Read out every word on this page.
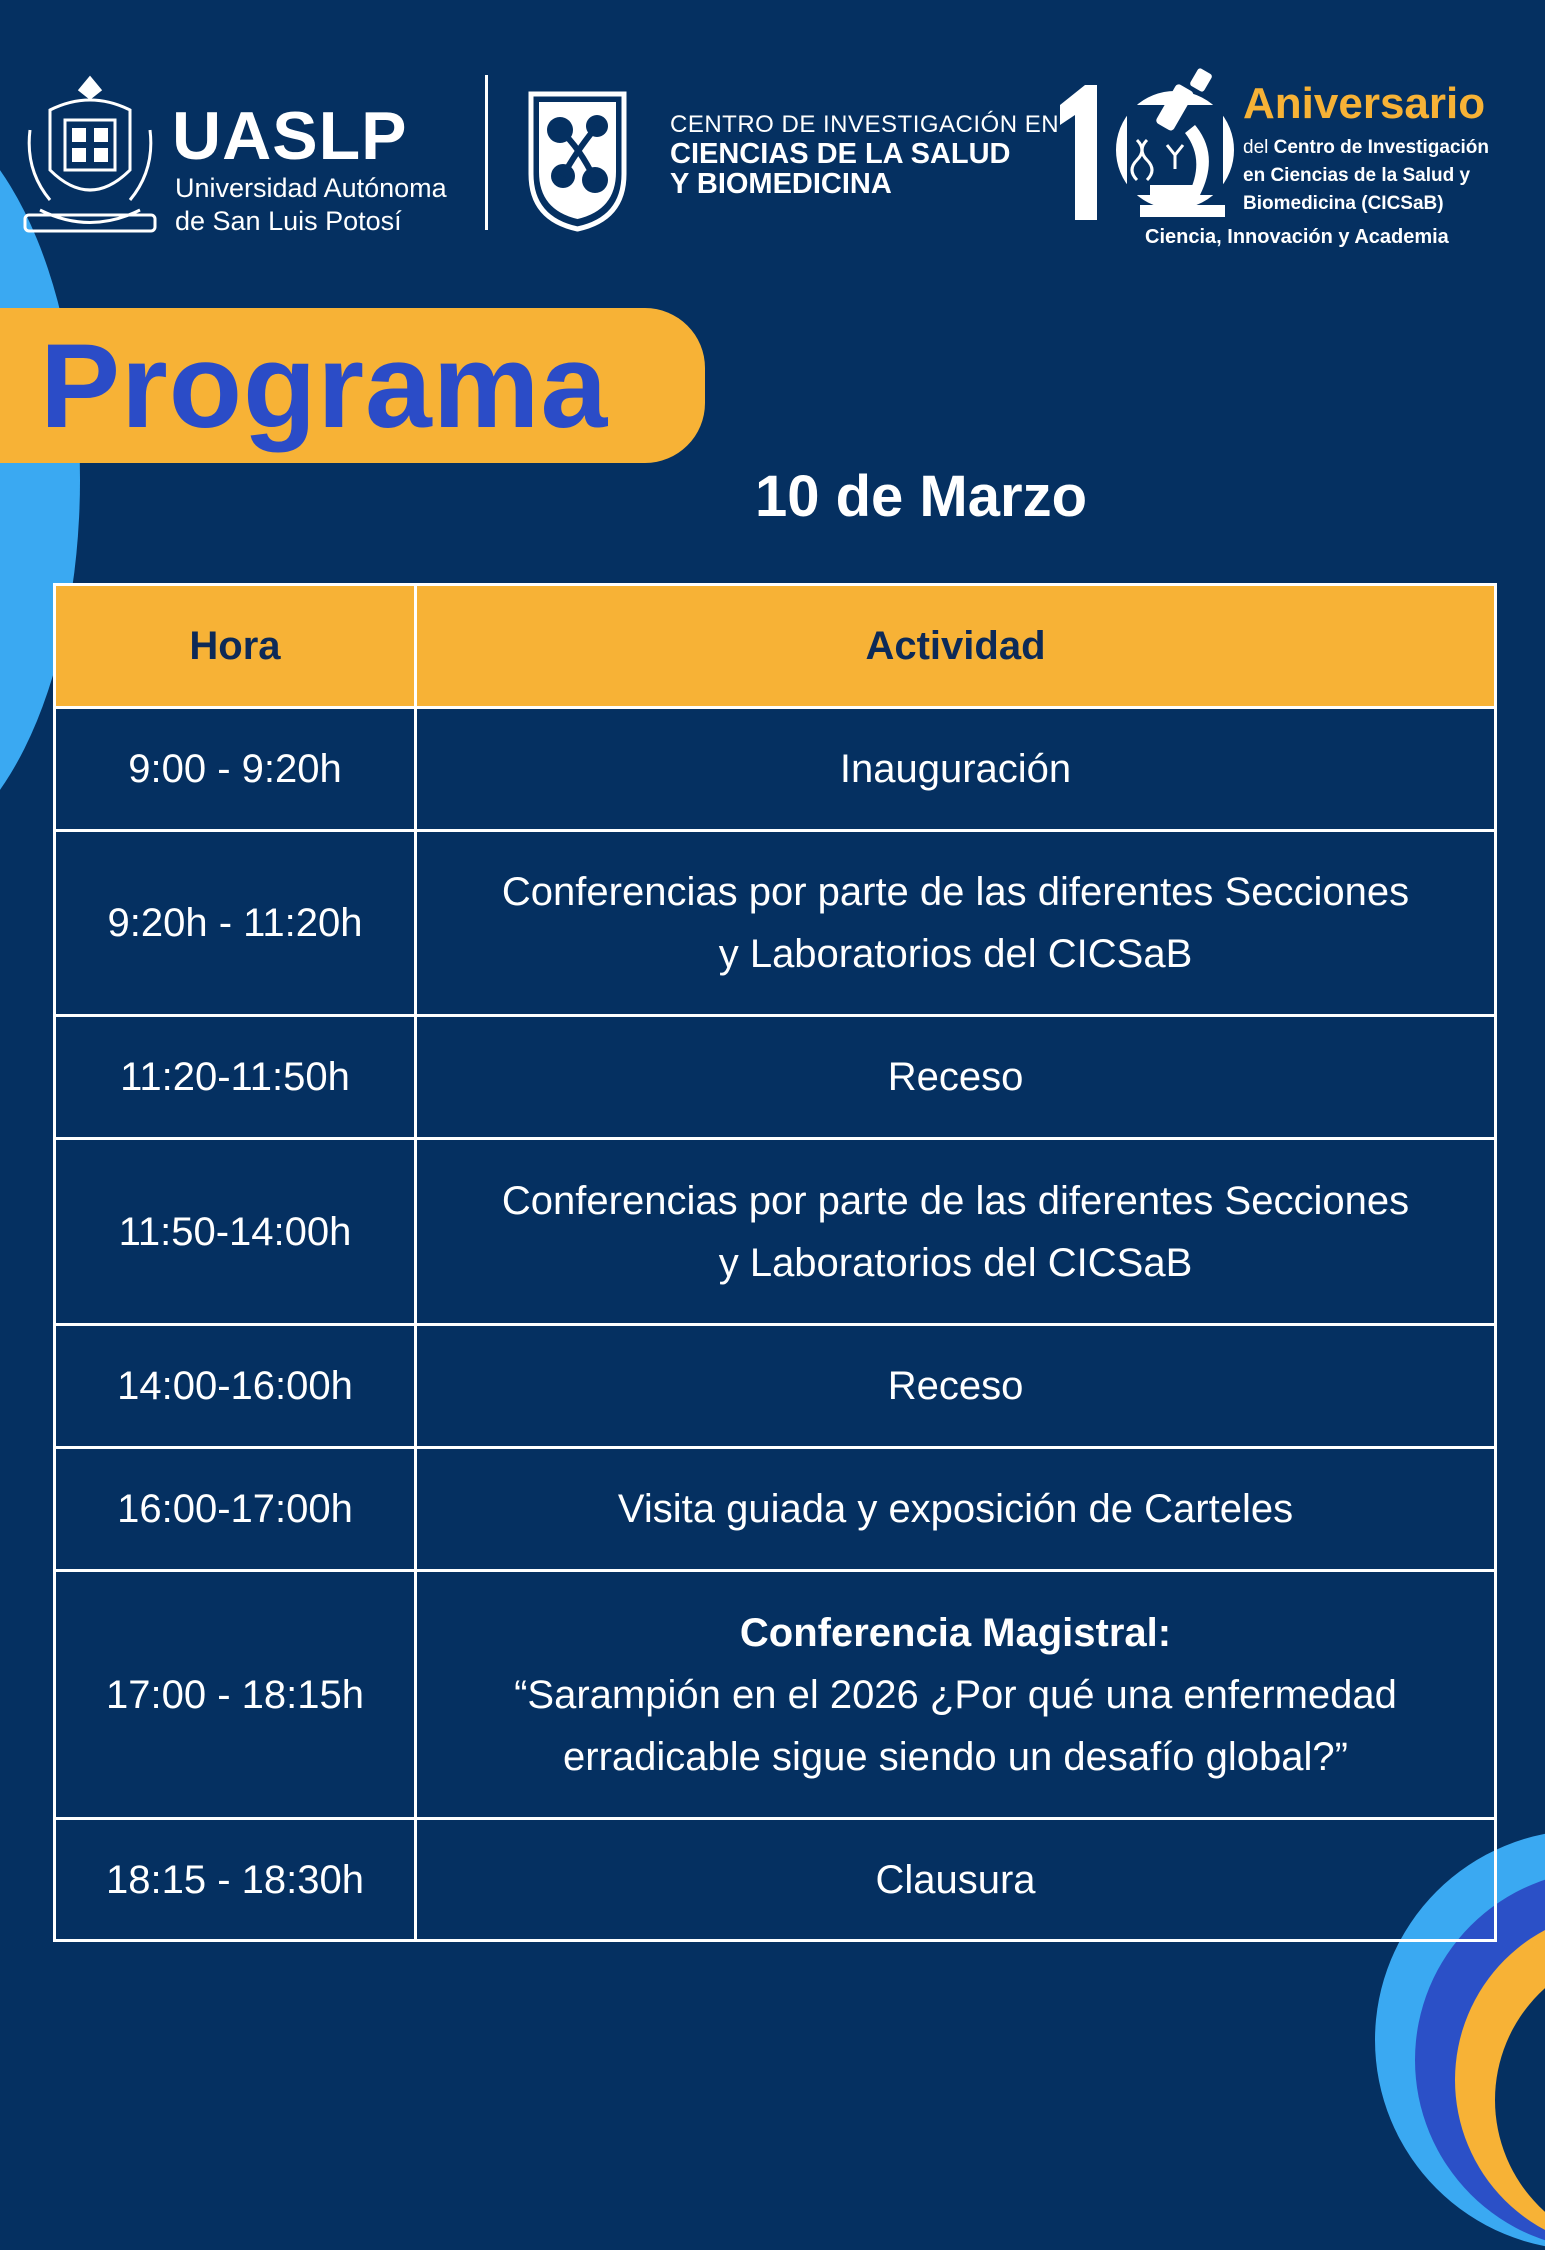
UASLP
Universidad Autónoma
de San Luis Potosí
CENTRO DE INVESTIGACIÓN EN
CIENCIAS DE LA SALUD
Y BIOMEDICINA
Aniversario
del Centro de Investigación
en Ciencias de la Salud y
Biomedicina (CICSaB)
Ciencia, Innovación y Academia
Programa
10 de Marzo
Hora	Actividad
9:00 - 9:20h	Inauguración
9:20h - 11:20h	Conferencias por parte de las diferentes Secciones
y Laboratorios del CICSaB
11:20-11:50h	Receso
11:50-14:00h	Conferencias por parte de las diferentes Secciones
y Laboratorios del CICSaB
14:00-16:00h	Receso
16:00-17:00h	Visita guiada y exposición de Carteles
17:00 - 18:15h	Conferencia Magistral:
“Sarampión en el 2026 ¿Por qué una enfermedad
erradicable sigue siendo un desafío global?”
18:15 - 18:30h	Clausura
